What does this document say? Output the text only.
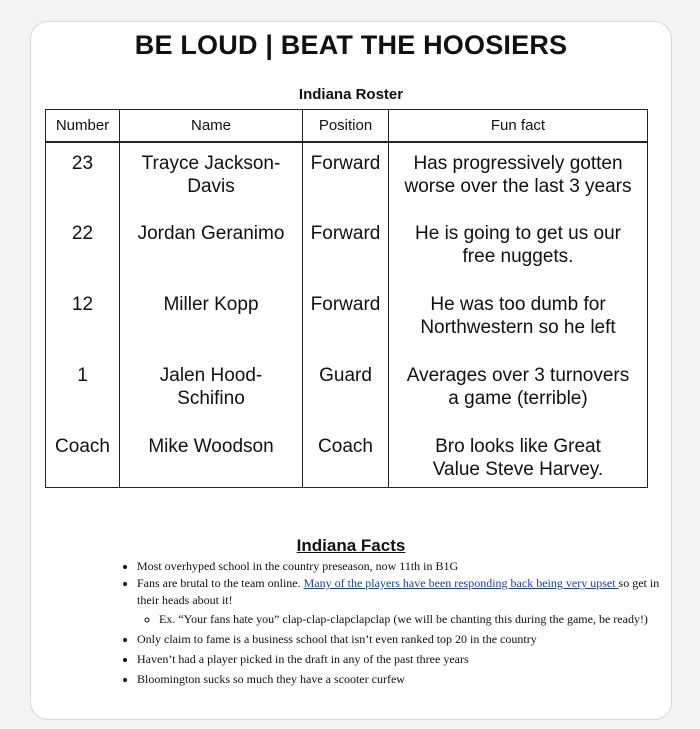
BE LOUD | BEAT THE HOOSIERS
Indiana Roster
Number	Name	Position	Fun fact
23	Trayce Jackson-Davis	Forward	Has progressively gotten worse over the last 3 years
22	Jordan Geranimo	Forward	He is going to get us our free nuggets.
12	Miller Kopp	Forward	He was too dumb for Northwestern so he left
1	Jalen Hood-Schifino	Guard	Averages over 3 turnovers a game (terrible)
Coach	Mike Woodson	Coach	Bro looks like Great Value Steve Harvey.
Indiana Facts
• Most overhyped school in the country preseason, now 11th in B1G
• Fans are brutal to the team online. Many of the players have been responding back being very upset so get in their heads about it!
◦ Ex. “Your fans hate you” clap-clap-clapclapclap (we will be chanting this during the game, be ready!)
• Only claim to fame is a business school that isn’t even ranked top 20 in the country
• Haven’t had a player picked in the draft in any of the past three years
• Bloomington sucks so much they have a scooter curfew
